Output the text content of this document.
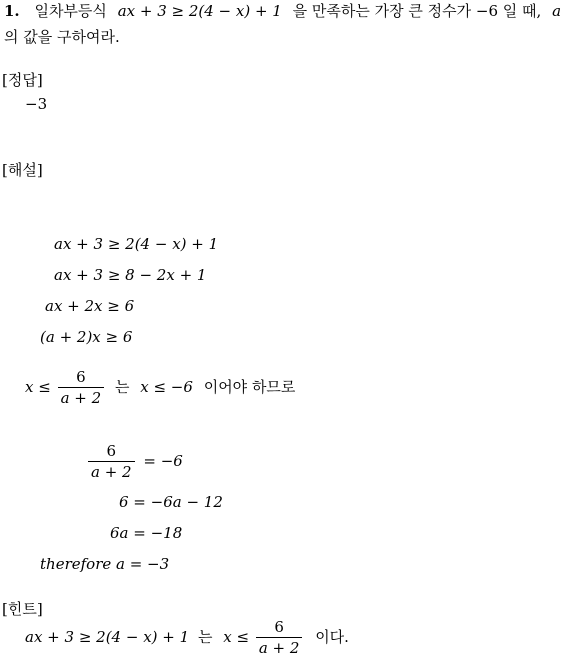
1. 일차부등식 ax + 3 ≥ 2(4 − x) + 1 을 만족하는 가장 큰 정수가 −6 일 때, a
의 값을 구하여라.
[정답]
−3
[해설]
ax + 3 ≥ 2(4 − x) + 1
ax + 3 ≥ 8 − 2x + 1
ax + 2x ≥ 6
(a + 2)x ≥ 6
$x \le \frac{6}{a + 2}$ 는 x ≤ −6 이어야 하므로
$\frac{6}{a + 2} = -6$
6 = −6a − 12
6a = −18
therefore a = −3
[힌트]
ax + 3 ≥ 2(4 − x) + 1 는 $x \le \frac{6}{a + 2}$ 이다.
